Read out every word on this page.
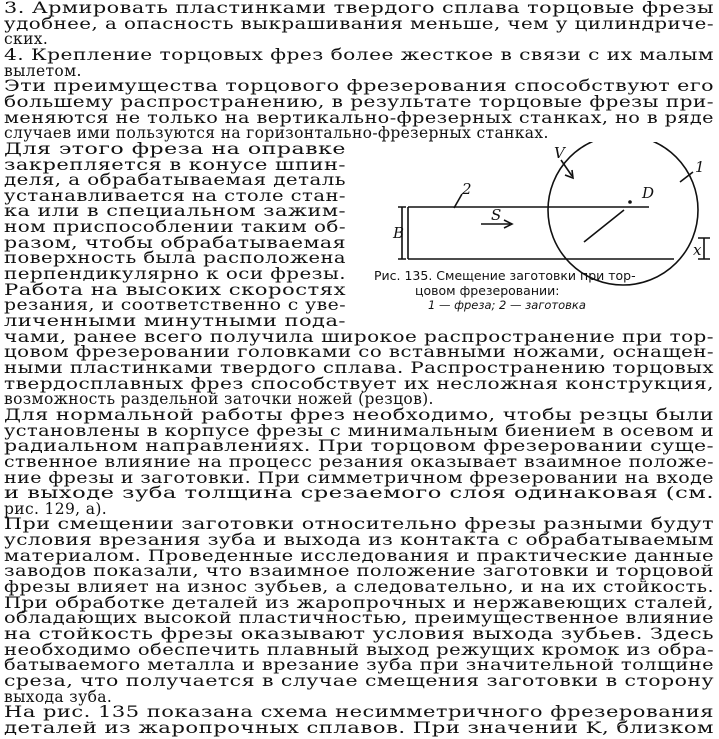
3. Армировать пластинками твердого сплава торцовые фрезы
удобнее, а опасность выкрашивания меньше, чем у цилиндриче-
ских.
4. Крепление торцовых фрез более жесткое в связи с их малым
вылетом.
Эти преимущества торцового фрезерования способствуют его
большему распространению, в результате торцовые фрезы при-
меняются не только на вертикально-фрезерных станках, но в ряде
случаев ими пользуются на горизонтально-фрезерных станках.
Для этого фреза на оправке
закрепляется в конусе шпин-
деля, а обрабатываемая деталь
устанавливается на столе стан-
ка или в специальном зажим-
ном приспособлении таким об-
разом, чтобы обрабатываемая
поверхность была расположена
перпендикулярно к оси фрезы.
Работа на высоких скоростях
резания, и соответственно с уве-
личенными минутными пода-
чами, ранее всего получила широкое распространение при тор-
цовом фрезеровании головками со вставными ножами, оснащен-
ными пластинками твердого сплава. Распространению торцовых
твердосплавных фрез способствует их несложная конструкция,
возможность раздельной заточки ножей (резцов).
Для нормальной работы фрез необходимо, чтобы резцы были
установлены в корпусе фрезы с минимальным биением в осевом и
радиальном направлениях. При торцовом фрезеровании суще-
ственное влияние на процесс резания оказывает взаимное положе-
ние фрезы и заготовки. При симметричном фрезеровании на входе
и выходе зуба толщина срезаемого слоя одинаковая (см.
рис. 129, а).
При смещении заготовки относительно фрезы разными будут
условия врезания зуба и выхода из контакта с обрабатываемым
материалом. Проведенные исследования и практические данные
заводов показали, что взаимное положение заготовки и торцовой
фрезы влияет на износ зубьев, а следовательно, и на их стойкость.
При обработке деталей из жаропрочных и нержавеющих сталей,
обладающих высокой пластичностью, преимущественное влияние
на стойкость фрезы оказывают условия выхода зубьев. Здесь
необходимо обеспечить плавный выход режущих кромок из обра-
батываемого металла и врезание зуба при значительной толщине
среза, что получается в случае смещения заготовки в сторону
выхода зуба.
На рис. 135 показана схема несимметричного фрезерования
деталей из жаропрочных сплавов. При значении K, близком
V
1
2	D
S
B
x
Рис. 135. Смещение заготовки при тор-
цовом фрезеровании:
1 — фреза; 2 — заготовка
